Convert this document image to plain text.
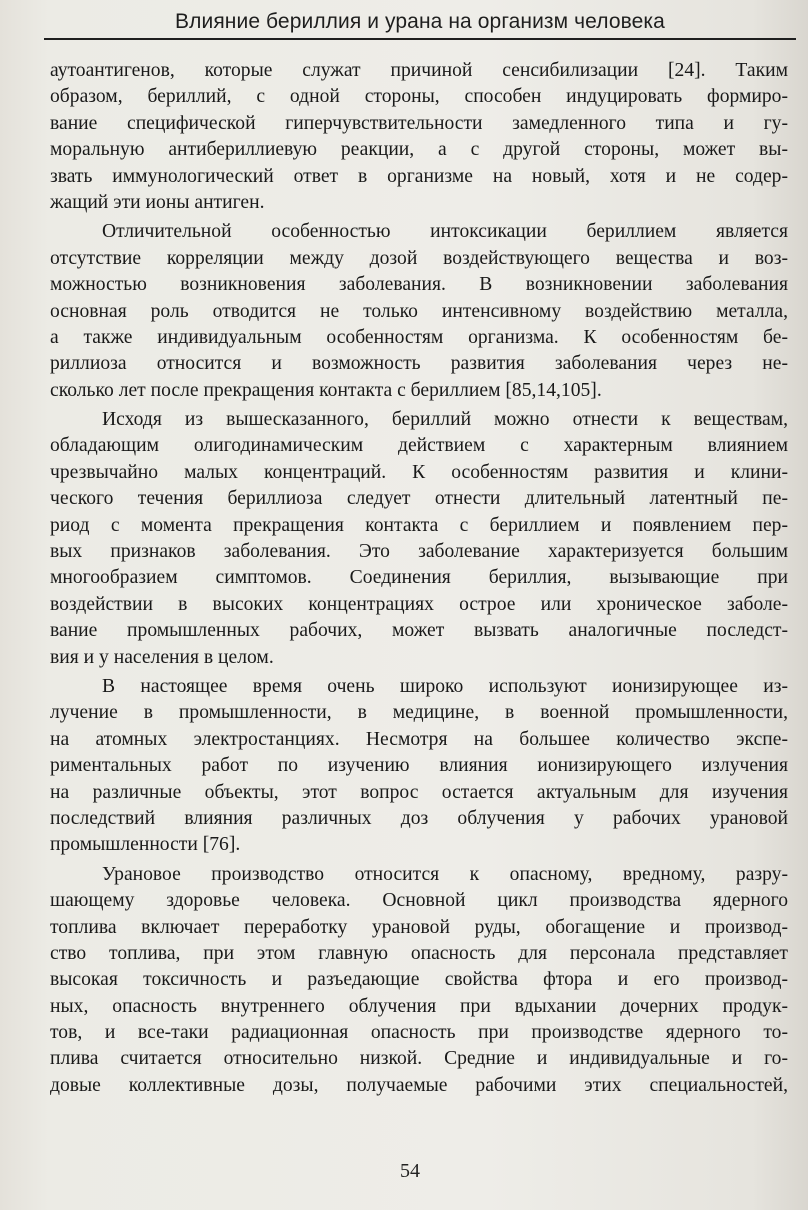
Влияние бериллия и урана на организм человека
аутоантигенов, которые служат причиной сенсибилизации [24]. Таким
образом, бериллий, с одной стороны, способен индуцировать формиро-
вание специфической гиперчувствительности замедленного типа и гу-
моральную антибериллиевую реакции, а с другой стороны, может вы-
звать иммунологический ответ в организме на новый, хотя и не содер-
жащий эти ионы антиген.
Отличительной особенностью интоксикации бериллием является
отсутствие корреляции между дозой воздействующего вещества и воз-
можностью возникновения заболевания. В возникновении заболевания
основная роль отводится не только интенсивному воздействию металла,
а также индивидуальным особенностям организма. К особенностям бе-
риллиоза относится и возможность развития заболевания через не-
сколько лет после прекращения контакта с бериллием [85,14,105].
Исходя из вышесказанного, бериллий можно отнести к веществам,
обладающим олигодинамическим действием с характерным влиянием
чрезвычайно малых концентраций. К особенностям развития и клини-
ческого течения бериллиоза следует отнести длительный латентный пе-
риод с момента прекращения контакта с бериллием и появлением пер-
вых признаков заболевания. Это заболевание характеризуется большим
многообразием симптомов. Соединения бериллия, вызывающие при
воздействии в высоких концентрациях острое или хроническое заболе-
вание промышленных рабочих, может вызвать аналогичные последст-
вия и у населения в целом.
В настоящее время очень широко используют ионизирующее из-
лучение в промышленности, в медицине, в военной промышленности,
на атомных электростанциях. Несмотря на большее количество экспе-
риментальных работ по изучению влияния ионизирующего излучения
на различные объекты, этот вопрос остается актуальным для изучения
последствий влияния различных доз облучения у рабочих урановой
промышленности [76].
Урановое производство относится к опасному, вредному, разру-
шающему здоровье человека. Основной цикл производства ядерного
топлива включает переработку урановой руды, обогащение и производ-
ство топлива, при этом главную опасность для персонала представляет
высокая токсичность и разъедающие свойства фтора и его производ-
ных, опасность внутреннего облучения при вдыхании дочерних продук-
тов, и все-таки радиационная опасность при производстве ядерного то-
плива считается относительно низкой. Средние и индивидуальные и го-
довые коллективные дозы, получаемые рабочими этих специальностей,
54
